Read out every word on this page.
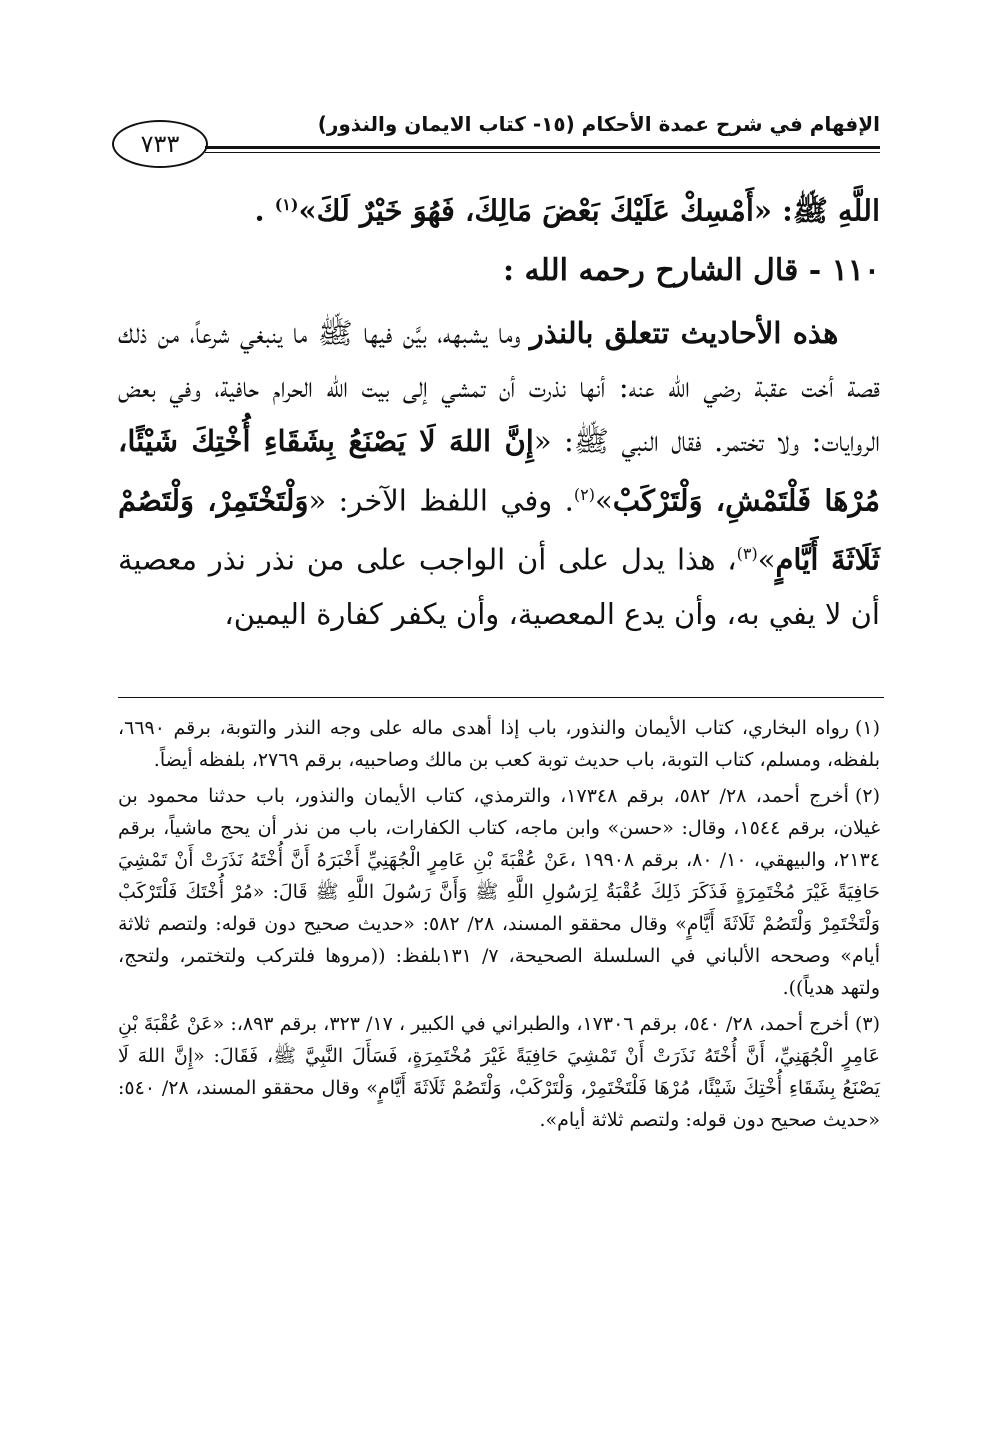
الإفهام في شرح عمدة الأحكام (١٥- كتاب الايمان والنذور)
٧٣٣

اللَّهِ ﷺ: «أَمْسِكْ عَلَيْكَ بَعْضَ مَالِكَ، فَهُوَ خَيْرٌ لَكَ»$^{(١)}$ .

١١٠ - قال الشارح رحمه الله :

هذه الأحاديث تتعلق بالنذر وما يشبهه، بيَّن فيها ﷺ ما ينبغي شرعاً، من ذلك قصة أخت عقبة رضي الله عنه: أنها نذرت أن تمشي إلى بيت الله الحرام حافية، وفي بعض الروايات: ولا تختمر. فقال النبي ﷺ: «إِنَّ اللهَ لَا يَصْنَعُ بِشَقَاءِ أُخْتِكَ شَيْئًا، مُرْهَا فَلْتَمْشِ، وَلْتَرْكَبْ»$^{(٢)}$. وفي اللفظ الآخر: «وَلْتَخْتَمِرْ، وَلْتَصُمْ ثَلَاثَةَ أَيَّامٍ»$^{(٣)}$، هذا يدل على أن الواجب على من نذر نذر معصية أن لا يفي به، وأن يدع المعصية، وأن يكفر كفارة اليمين،

(١)رواه البخاري، كتاب الأيمان والنذور، باب إذا أهدى ماله على وجه النذر والتوبة، برقم ٦٦٩٠، بلفظه، ومسلم، كتاب التوبة، باب حديث توبة كعب بن مالك وصاحبيه، برقم ٢٧٦٩، بلفظه أيضاً.

(٢)أخرج أحمد، ٢٨/ ٥٨٢، برقم ١٧٣٤٨، والترمذي، كتاب الأيمان والنذور، باب حدثنا محمود بن غيلان، برقم ١٥٤٤، وقال: «حسن» وابن ماجه، كتاب الكفارات، باب من نذر أن يحج ماشياً، برقم ٢١٣٤، والبيهقي، ١٠/ ٨٠، برقم ١٩٩٠٨ ،عَنْ عُقْبَةَ بْنِ عَامِرٍ الْجُهَنِيِّ أَخْبَرَهُ أَنَّ أُخْتَهُ نَذَرَتْ أَنْ تَمْشِيَ حَافِيَةً غَيْرَ مُخْتَمِرَةٍ فَذَكَرَ ذَلِكَ عُقْبَةُ لِرَسُولِ اللَّهِ ﷺ وَأَنَّ رَسُولَ اللَّهِ ﷺ قَالَ: «مُرْ أُخْتَكَ فَلْتَرْكَبْ وَلْتَخْتَمِرْ وَلْتَصُمْ ثَلَاثَةَ أَيَّامٍ» وقال محققو المسند، ٢٨/ ٥٨٢: «حديث صحيح دون قوله: ولتصم ثلاثة أيام» وصححه الألباني في السلسلة الصحيحة، ٧/ ١٣١بلفظ: ((مروها فلتركب ولتختمر، ولتحج، ولتهد هدياً)).

(٣)أخرج أحمد، ٢٨/ ٥٤٠، برقم ١٧٣٠٦، والطبراني في الكبير ، ١٧/ ٣٢٣، برقم ٨٩٣،: «عَنْ عُقْبَةَ بْنِ عَامِرٍ الْجُهَنِيِّ، أَنَّ أُخْتَهُ نَذَرَتْ أَنْ تَمْشِيَ حَافِيَةً غَيْرَ مُخْتَمِرَةٍ، فَسَأَلَ النَّبِيَّ ﷺ، فَقَالَ: «إِنَّ اللهَ لَا يَصْنَعُ بِشَقَاءِ أُخْتِكَ شَيْئًا، مُرْهَا فَلْتَخْتَمِرْ، وَلْتَرْكَبْ، وَلْتَصُمْ ثَلَاثَةَ أَيَّامٍ» وقال محققو المسند، ٢٨/ ٥٤٠: «حديث صحيح دون قوله: ولتصم ثلاثة أيام».
